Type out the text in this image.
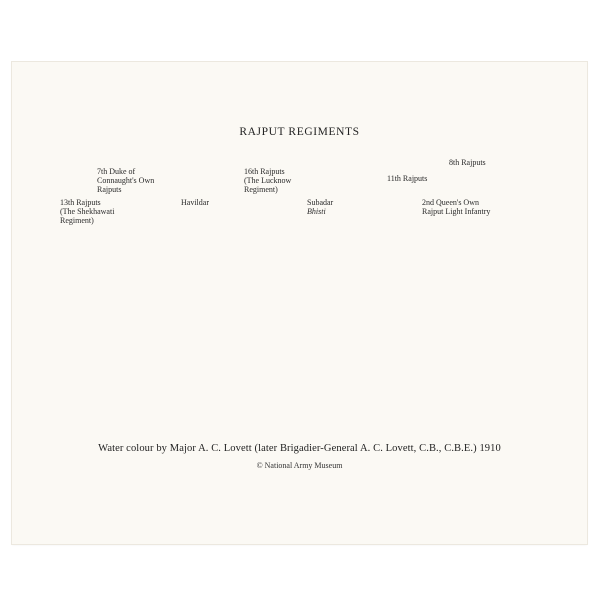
RAJPUT REGIMENTS
7th Duke of
Connaught's Own
Rajputs
16th Rajputs
(The Lucknow
Regiment)
8th Rajputs
11th Rajputs
13th Rajputs
(The Shekhawati
Regiment)
Havildar	Subadar
Bhisti
2nd Queen's Own
Rajput Light Infantry
Water colour by Major A. C. Lovett (later Brigadier-General A. C. Lovett, C.B., C.B.E.) 1910
© National Army Museum
